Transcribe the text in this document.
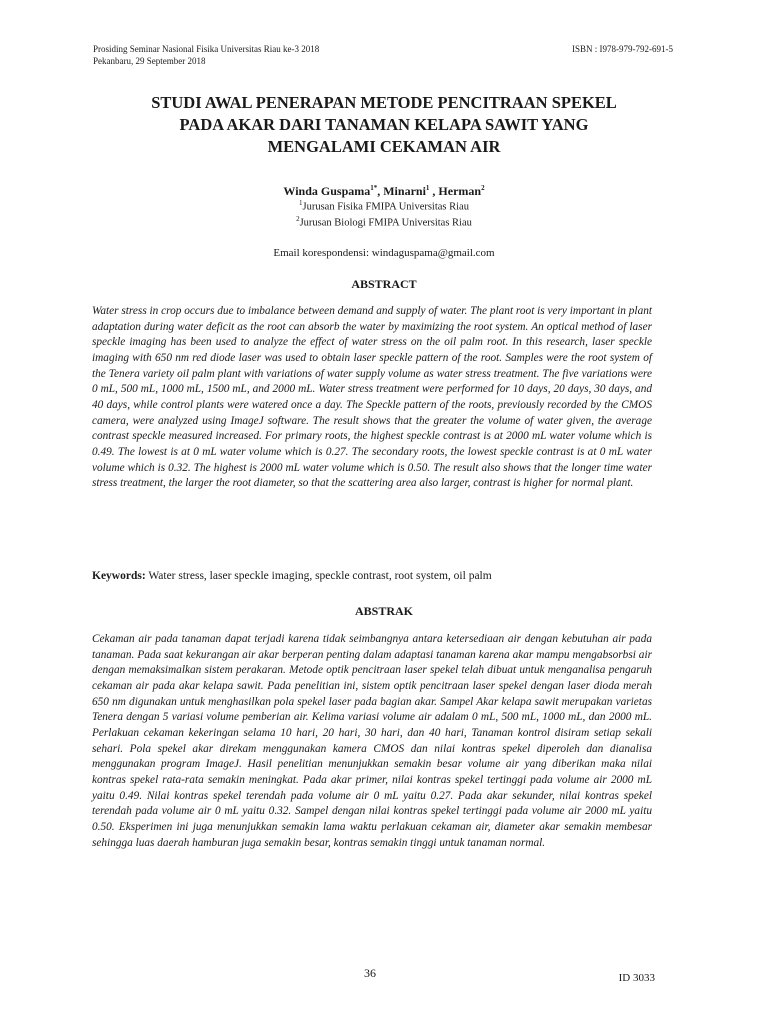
Prosiding Seminar Nasional Fisika Universitas Riau ke-3 2018
Pekanbaru, 29 September 2018
ISBN : I978-979-792-691-5
STUDI AWAL PENERAPAN METODE PENCITRAAN SPEKEL
PADA AKAR DARI TANAMAN KELAPA SAWIT YANG
MENGALAMI CEKAMAN AIR
Winda Guspama$^{1*}$, Minarni$^1$ , Herman$^2$
$^1$Jurusan Fisika FMIPA Universitas Riau
$^2$Jurusan Biologi FMIPA Universitas Riau
Email korespondensi: windaguspama@gmail.com
ABSTRACT
Water stress in crop occurs due to imbalance between demand and supply of water. The plant root is very important in plant adaptation during water deficit as the root can absorb the water by maximizing the root system. An optical method of laser speckle imaging has been used to analyze the effect of water stress on the oil palm root. In this research, laser speckle imaging with 650 nm red diode laser was used to obtain laser speckle pattern of the root. Samples were the root system of the Tenera variety oil palm plant with variations of water supply volume as water stress treatment. The five variations were 0 mL, 500 mL, 1000 mL, 1500 mL, and 2000 mL. Water stress treatment were performed for 10 days, 20 days, 30 days, and 40 days, while control plants were watered once a day. The Speckle pattern of the roots, previously recorded by the CMOS camera, were analyzed using ImageJ software. The result shows that the greater the volume of water given, the average contrast speckle measured increased. For primary roots, the highest speckle contrast is at 2000 mL water volume which is 0.49. The lowest is at 0 mL water volume which is 0.27. The secondary roots, the lowest speckle contrast is at 0 mL water volume which is 0.32. The highest is 2000 mL water volume which is 0.50. The result also shows that the longer time water stress treatment, the larger the root diameter, so that the scattering area also larger, contrast is higher for normal plant.
Keywords: Water stress, laser speckle imaging, speckle contrast, root system, oil palm
ABSTRAK
Cekaman air pada tanaman dapat terjadi karena tidak seimbangnya antara ketersediaan air dengan kebutuhan air pada tanaman. Pada saat kekurangan air akar berperan penting dalam adaptasi tanaman karena akar mampu mengabsorbsi air dengan memaksimalkan sistem perakaran. Metode optik pencitraan laser spekel telah dibuat untuk menganalisa pengaruh cekaman air pada akar kelapa sawit. Pada penelitian ini, sistem optik pencitraan laser spekel dengan laser dioda merah 650 nm digunakan untuk menghasilkan pola spekel laser pada bagian akar. Sampel Akar kelapa sawit merupakan varietas Tenera dengan 5 variasi volume pemberian air. Kelima variasi volume air adalam 0 mL, 500 mL, 1000 mL, dan 2000 mL. Perlakuan cekaman kekeringan selama 10 hari, 20 hari, 30 hari, dan 40 hari, Tanaman kontrol disiram setiap sekali sehari. Pola spekel akar direkam menggunakan kamera CMOS dan nilai kontras spekel diperoleh dan dianalisa menggunakan program ImageJ. Hasil penelitian menunjukkan semakin besar volume air yang diberikan maka nilai kontras spekel rata-rata semakin meningkat. Pada akar primer, nilai kontras spekel tertinggi pada volume air 2000 mL yaitu 0.49. Nilai kontras spekel terendah pada volume air 0 mL yaitu 0.27. Pada akar sekunder, nilai kontras spekel terendah pada volume air 0 mL yaitu 0.32. Sampel dengan nilai kontras spekel tertinggi pada volume air 2000 mL yaitu 0.50. Eksperimen ini juga menunjukkan semakin lama waktu perlakuan cekaman air, diameter akar semakin membesar sehingga luas daerah hamburan juga semakin besar, kontras semakin tinggi untuk tanaman normal.
36	ID 3033
